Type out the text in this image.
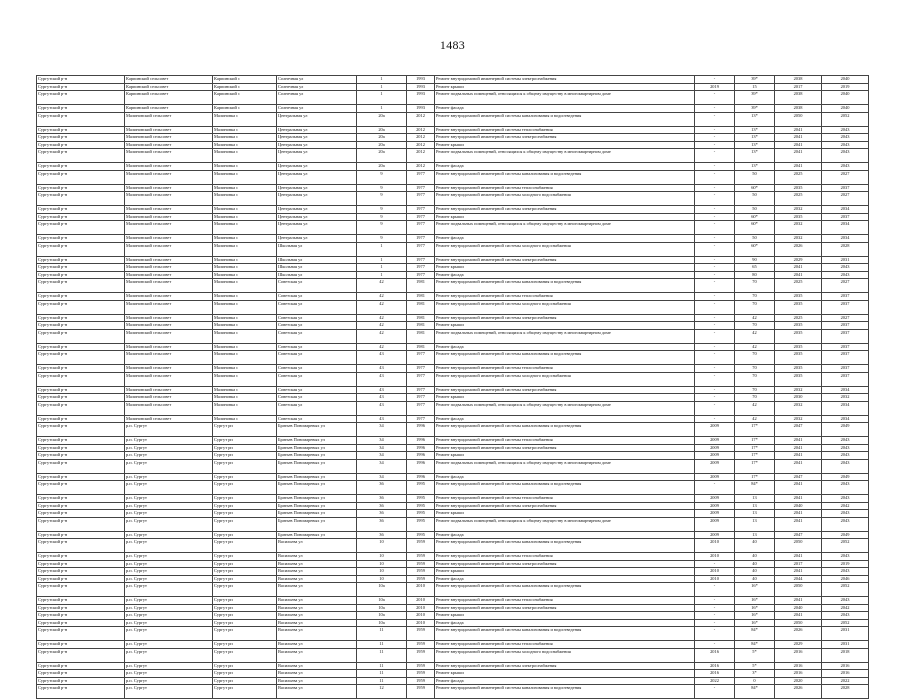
1483
Сургутский р-н	Карпинский сельсовет	Карпинский с	Солнечная ул	1	1993	Ремонт внутридомовой инженерной системы электроснабжения	-	39*	2038	2040
Сургутский р-н	Карпинский сельсовет	Карпинский с	Солнечная ул	1	1993	Ремонт крыши	2019	15	2017	2019
Сургутский р-н	Карпинский сельсовет	Карпинский с	Солнечная ул	1	1993	Ремонт подвальных помещений, относящихся к общему имуществу в многоквартирном доме	-	39*	2038	2040
Сургутский р-н	Карпинский сельсовет	Карпинский с	Солнечная ул	1	1993	Ремонт фасада	-	39*	2038	2040
Сургутский р-н	Малиновский сельсовет	Малиновка с	Центральная ул	20а	2012	Ремонт внутридомовой инженерной системы канализования и водоотведения	-	13*	2050	2052
Сургутский р-н	Малиновский сельсовет	Малиновка с	Центральная ул	20а	2012	Ремонт внутридомовой инженерной системы теплоснабжения	-	13*	2041	2043
Сургутский р-н	Малиновский сельсовет	Малиновка с	Центральная ул	20а	2012	Ремонт внутридомовой инженерной системы электроснабжения	-	13*	2041	2043
Сургутский р-н	Малиновский сельсовет	Малиновка с	Центральная ул	20а	2012	Ремонт крыши	-	13*	2041	2043
Сургутский р-н	Малиновский сельсовет	Малиновка с	Центральная ул	20а	2012	Ремонт подвальных помещений, относящихся к общему имуществу в многоквартирном доме	-	13*	2041	2043
Сургутский р-н	Малиновский сельсовет	Малиновка с	Центральная ул	20а	2012	Ремонт фасада	-	13*	2041	2043
Сургутский р-н	Малиновский сельсовет	Малиновка с	Центральная ул	9	1977	Ремонт внутридомовой инженерной системы канализования и водоотведения	-	50	2025	2027
Сургутский р-н	Малиновский сельсовет	Малиновка с	Центральная ул	9	1977	Ремонт внутридомовой инженерной системы теплоснабжения	-	60*	2035	2037
Сургутский р-н	Малиновский сельсовет	Малиновка с	Центральная ул	9	1977	Ремонт внутридомовой инженерной системы холодного водоснабжения	-	50	2025	2027
Сургутский р-н	Малиновский сельсовет	Малиновка с	Центральная ул	9	1977	Ремонт внутридомовой инженерной системы электроснабжения	-	50	2032	2034
Сургутский р-н	Малиновский сельсовет	Малиновка с	Центральная ул	9	1977	Ремонт крыши	-	60*	2035	2037
Сургутский р-н	Малиновский сельсовет	Малиновка с	Центральная ул	9	1977	Ремонт подвальных помещений, относящихся к общему имуществу в многоквартирном доме	-	60*	2032	2034
Сургутский р-н	Малиновский сельсовет	Малиновка с	Центральная ул	9	1977	Ремонт фасада	-	50	2032	2034
Сургутский р-н	Малиновский сельсовет	Малиновка с	Школьная ул	1	1977	Ремонт внутридомовой инженерной системы холодного водоснабжения	-	60*	2026	2028
Сургутский р-н	Малиновский сельсовет	Малиновка с	Школьная ул	1	1977	Ремонт внутридомовой инженерной системы электроснабжения	-	90	2029	2031
Сургутский р-н	Малиновский сельсовет	Малиновка с	Школьная ул	1	1977	Ремонт крыши	-	65	2041	2043
Сургутский р-н	Малиновский сельсовет	Малиновка с	Школьная ул	1	1977	Ремонт фасада	-	80	2041	2043
Сургутский р-н	Малиновский сельсовет	Малиновка с	Советская ул	42	1981	Ремонт внутридомовой инженерной системы канализования и водоотведения	-	70	2025	2027
Сургутский р-н	Малиновский сельсовет	Малиновка с	Советская ул	42	1981	Ремонт внутридомовой инженерной системы теплоснабжения	-	70	2035	2037
Сургутский р-н	Малиновский сельсовет	Малиновка с	Советская ул	42	1981	Ремонт внутридомовой инженерной системы холодного водоснабжения	-	70	2035	2037
Сургутский р-н	Малиновский сельсовет	Малиновка с	Советская ул	42	1981	Ремонт внутридомовой инженерной системы электроснабжения	-	42	2025	2027
Сургутский р-н	Малиновский сельсовет	Малиновка с	Советская ул	42	1981	Ремонт крыши	-	70	2035	2037
Сургутский р-н	Малиновский сельсовет	Малиновка с	Советская ул	42	1981	Ремонт подвальных помещений, относящихся к общему имуществу в многоквартирном доме	-	42	2035	2037
Сургутский р-н	Малиновский сельсовет	Малиновка с	Советская ул	42	1981	Ремонт фасада	-	42	2035	2037
Сургутский р-н	Малиновский сельсовет	Малиновка с	Советская ул	43	1977	Ремонт внутридомовой инженерной системы канализования и водоотведения	-	70	2035	2037
Сургутский р-н	Малиновский сельсовет	Малиновка с	Советская ул	43	1977	Ремонт внутридомовой инженерной системы теплоснабжения	-	70	2035	2037
Сургутский р-н	Малиновский сельсовет	Малиновка с	Советская ул	43	1977	Ремонт внутридомовой инженерной системы холодного водоснабжения	-	70	2035	2037
Сургутский р-н	Малиновский сельсовет	Малиновка с	Советская ул	43	1977	Ремонт внутридомовой инженерной системы электроснабжения	-	70	2032	2034
Сургутский р-н	Малиновский сельсовет	Малиновка с	Советская ул	43	1977	Ремонт крыши	-	70	2030	2032
Сургутский р-н	Малиновский сельсовет	Малиновка с	Советская ул	43	1977	Ремонт подвальных помещений, относящихся к общему имуществу в многоквартирном доме	-	42	2032	2034
Сургутский р-н	Малиновский сельсовет	Малиновка с	Советская ул	43	1977	Ремонт фасада	-	42	2032	2034
Сургутский р-н	р.п. Сургут	Сургут рп	Братьев Пономаревых ул	34	1996	Ремонт внутридомовой инженерной системы канализования и водоотведения	2009	17*	2047	2049
Сургутский р-н	р.п. Сургут	Сургут рп	Братьев Пономаревых ул	34	1996	Ремонт внутридомовой инженерной системы теплоснабжения	2009	17*	2041	2043
Сургутский р-н	р.п. Сургут	Сургут рп	Братьев Пономаревых ул	34	1996	Ремонт внутридомовой инженерной системы электроснабжения	2009	17*	2041	2043
Сургутский р-н	р.п. Сургут	Сургут рп	Братьев Пономаревых ул	34	1996	Ремонт крыши	2009	17*	2041	2043
Сургутский р-н	р.п. Сургут	Сургут рп	Братьев Пономаревых ул	34	1996	Ремонт подвальных помещений, относящихся к общему имуществу в многоквартирном доме	2009	17*	2041	2043
Сургутский р-н	р.п. Сургут	Сургут рп	Братьев Пономаревых ул	34	1996	Ремонт фасада	2009	17*	2047	2049
Сургутский р-н	р.п. Сургут	Сургут рп	Братьев Пономаревых ул	36	1995	Ремонт внутридомовой инженерной системы канализования и водоотведения	-	84*	2041	2043
Сургутский р-н	р.п. Сургут	Сургут рп	Братьев Пономаревых ул	36	1995	Ремонт внутридомовой инженерной системы теплоснабжения	2009	13	2041	2043
Сургутский р-н	р.п. Сургут	Сургут рп	Братьев Пономаревых ул	36	1995	Ремонт внутридомовой инженерной системы электроснабжения	2009	13	2040	2042
Сургутский р-н	р.п. Сургут	Сургут рп	Братьев Пономаревых ул	36	1995	Ремонт крыши	2009	13	2041	2043
Сургутский р-н	р.п. Сургут	Сургут рп	Братьев Пономаревых ул	36	1995	Ремонт подвальных помещений, относящихся к общему имуществу в многоквартирном доме	2009	13	2041	2043
Сургутский р-н	р.п. Сургут	Сургут рп	Братьев Пономаревых ул	36	1995	Ремонт фасада	2009	13	2047	2049
Сургутский р-н	р.п. Сургут	Сургут рп	Васильева ул	10	1959	Ремонт внутридомовой инженерной системы канализования и водоотведения	2010	40	2050	2052
Сургутский р-н	р.п. Сургут	Сургут рп	Васильева ул	10	1959	Ремонт внутридомовой инженерной системы теплоснабжения	2010	40	2041	2043
Сургутский р-н	р.п. Сургут	Сургут рп	Васильева ул	10	1959	Ремонт внутридомовой инженерной системы электроснабжения	-	40	2017	2019
Сургутский р-н	р.п. Сургут	Сургут рп	Васильева ул	10	1959	Ремонт крыши	2010	40	2041	2043
Сургутский р-н	р.п. Сургут	Сургут рп	Васильева ул	10	1959	Ремонт фасада	2010	40	2044	2046
Сургутский р-н	р.п. Сургут	Сургут рп	Васильева ул	10а	2010	Ремонт внутридомовой инженерной системы канализования и водоотведения	-	16*	2050	2052
Сургутский р-н	р.п. Сургут	Сургут рп	Васильева ул	10а	2010	Ремонт внутридомовой инженерной системы теплоснабжения	-	16*	2041	2043
Сургутский р-н	р.п. Сургут	Сургут рп	Васильева ул	10а	2010	Ремонт внутридомовой инженерной системы электроснабжения	-	16*	2040	2042
Сургутский р-н	р.п. Сургут	Сургут рп	Васильева ул	10а	2010	Ремонт крыши	-	16*	2041	2043
Сургутский р-н	р.п. Сургут	Сургут рп	Васильева ул	10а	2010	Ремонт фасада	-	16*	2050	2052
Сургутский р-н	р.п. Сургут	Сургут рп	Васильева ул	11	1959	Ремонт внутридомовой инженерной системы канализования и водоотведения	-	84*	2026	2031
Сургутский р-н	р.п. Сургут	Сургут рп	Васильева ул	11	1959	Ремонт внутридомовой инженерной системы теплоснабжения	-	84*	2029	2031
Сургутский р-н	р.п. Сургут	Сургут рп	Васильева ул	11	1959	Ремонт внутридомовой инженерной системы холодного водоснабжения	2016	5*	2016	2018
Сургутский р-н	р.п. Сургут	Сургут рп	Васильева ул	11	1959	Ремонт внутридомовой инженерной системы электроснабжения	2016	5*	2016	2016
Сургутский р-н	р.п. Сургут	Сургут рп	Васильева ул	11	1959	Ремонт крыши	2016	3*	2016	2016
Сургутский р-н	р.п. Сургут	Сургут рп	Васильева ул	11	1959	Ремонт фасада	2022	0	2020	2022
Сургутский р-н	р.п. Сургут	Сургут рп	Васильева ул	12	1959	Ремонт внутридомовой инженерной системы канализования и водоотведения	-	84*	2026	2028
